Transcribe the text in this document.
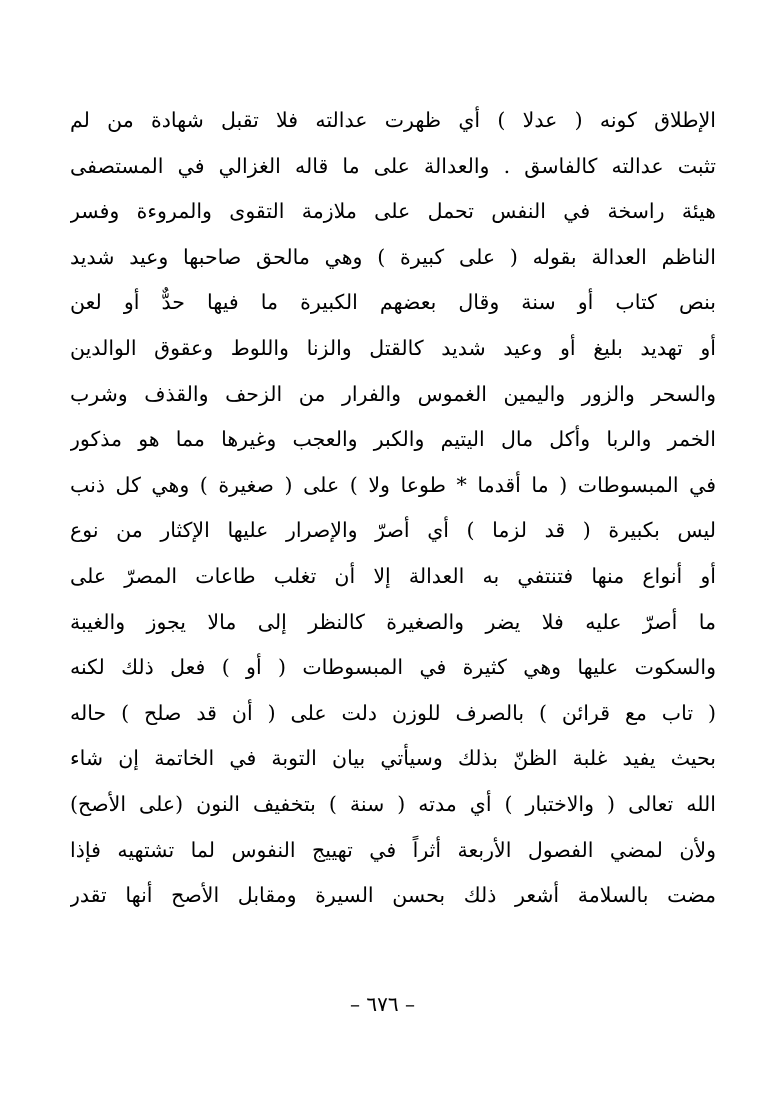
الإطلاق كونه ( عدلا ) أي ظهرت عدالته فلا تقبل شهادة من لم
تثبت عدالته كالفاسق . والعدالة على ما قاله الغزالي في المستصفى
هيئة راسخة في النفس تحمل على ملازمة التقوى والمروءة وفسر
الناظم العدالة بقوله ( على كبيرة ) وهي مالحق صاحبها وعيد شديد
بنص كتاب أو سنة وقال بعضهم الكبيرة ما فيها حدٌّ أو لعن
أو تهديد بليغ أو وعيد شديد كالقتل والزنا واللوط وعقوق الوالدين
والسحر والزور واليمين الغموس والفرار من الزحف والقذف وشرب
الخمر والربا وأكل مال اليتيم والكبر والعجب وغيرها مما هو مذكور
في المبسوطات ( ما أقدما * طوعا ولا ) على ( صغيرة ) وهي كل ذنب
ليس بكبيرة ( قد لزما ) أي أصرّ والإصرار عليها الإكثار من نوع
أو أنواع منها فتنتفي به العدالة إلا أن تغلب طاعات المصرّ على
ما أصرّ عليه فلا يضر والصغيرة كالنظر إلى مالا يجوز والغيبة
والسكوت عليها وهي كثيرة في المبسوطات ( أو ) فعل ذلك لكنه
( تاب مع قرائن ) بالصرف للوزن دلت على ( أن قد صلح ) حاله
بحيث يفيد غلبة الظنّ بذلك وسيأتي بيان التوبة في الخاتمة إن شاء
الله تعالى ( والاختبار ) أي مدته ( سنة ) بتخفيف النون (على الأصح)
ولأن لمضي الفصول الأربعة أثراً في تهييج النفوس لما تشتهيه فإذا
مضت بالسلامة أشعر ذلك بحسن السيرة ومقابل الأصح أنها تقدر
– ٦٧٦ –
